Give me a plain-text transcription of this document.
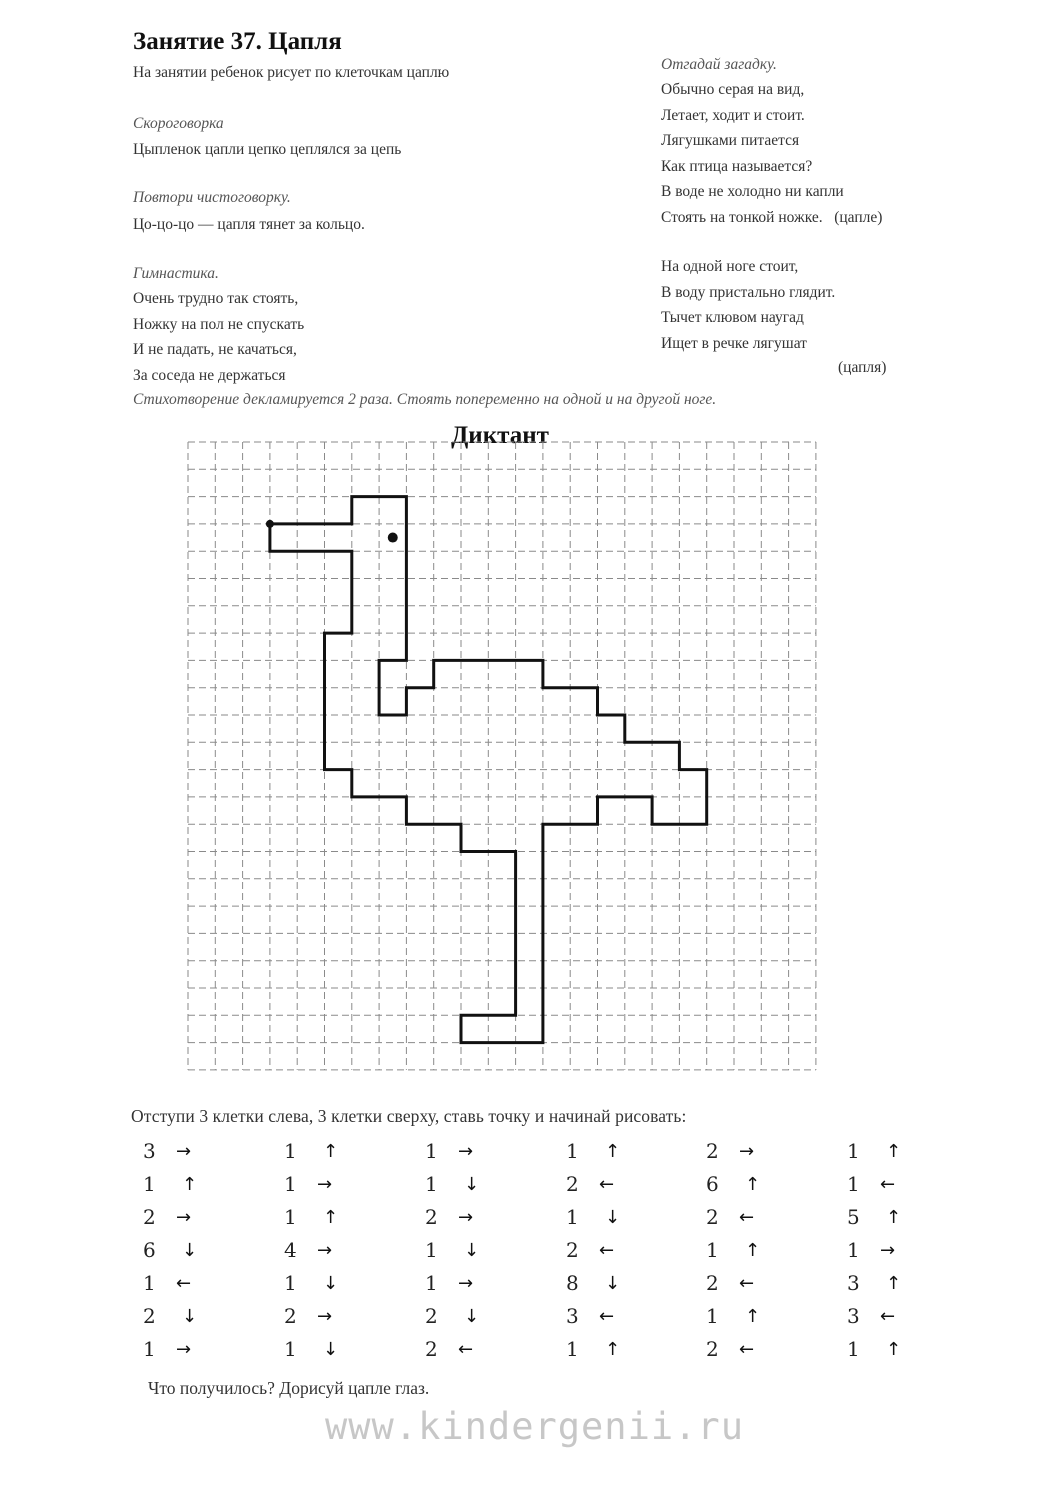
Занятие 37. Цапля
На занятии ребенок рисует по клеточкам цаплю
Скороговорка
Цыпленок цапли цепко цеплялся за цепь
Повтори чистоговорку.
Цо-цо-цо — цапля тянет за кольцо.
Гимнастика.
Очень трудно так стоять,
Ножку на пол не спускать
И не падать, не качаться,
За соседа не держаться
Стихотворение декламируется 2 раза. Стоять попеременно на одной и на другой ноге.
Отгадай загадку.
Обычно серая на вид,
Летает, ходит и стоит.
Лягушками питается
Как птица называется?
В воде не холодно ни капли
Стоять на тонкой ножке.   (цапле)
На одной ноге стоит,
В воду пристально глядит.
Тычет клювом наугад
Ищет в речке лягушат
(цапля)
Диктант
Отступи 3 клетки слева, 3 клетки сверху, ставь точку и начинай рисовать:
3 →
1 ↑
2 →
6 ↓
1 ←
2 ↓
1 →
1 ↑
1 →
1 ↑
4 →
1 ↓
2 →
1 ↓
1 →
1 ↓
2 →
1 ↓
1 →
2 ↓
2 ←
1 ↑
2 ←
1 ↓
2 ←
8 ↓
3 ←
1 ↑
2 →
6 ↑
2 ←
1 ↑
2 ←
1 ↑
2 ←
1 ↑
1 ←
5 ↑
1 →
3 ↑
3 ←
1 ↑
Что получилось? Дорисуй цапле глаз.
www.kindergenii.ru
